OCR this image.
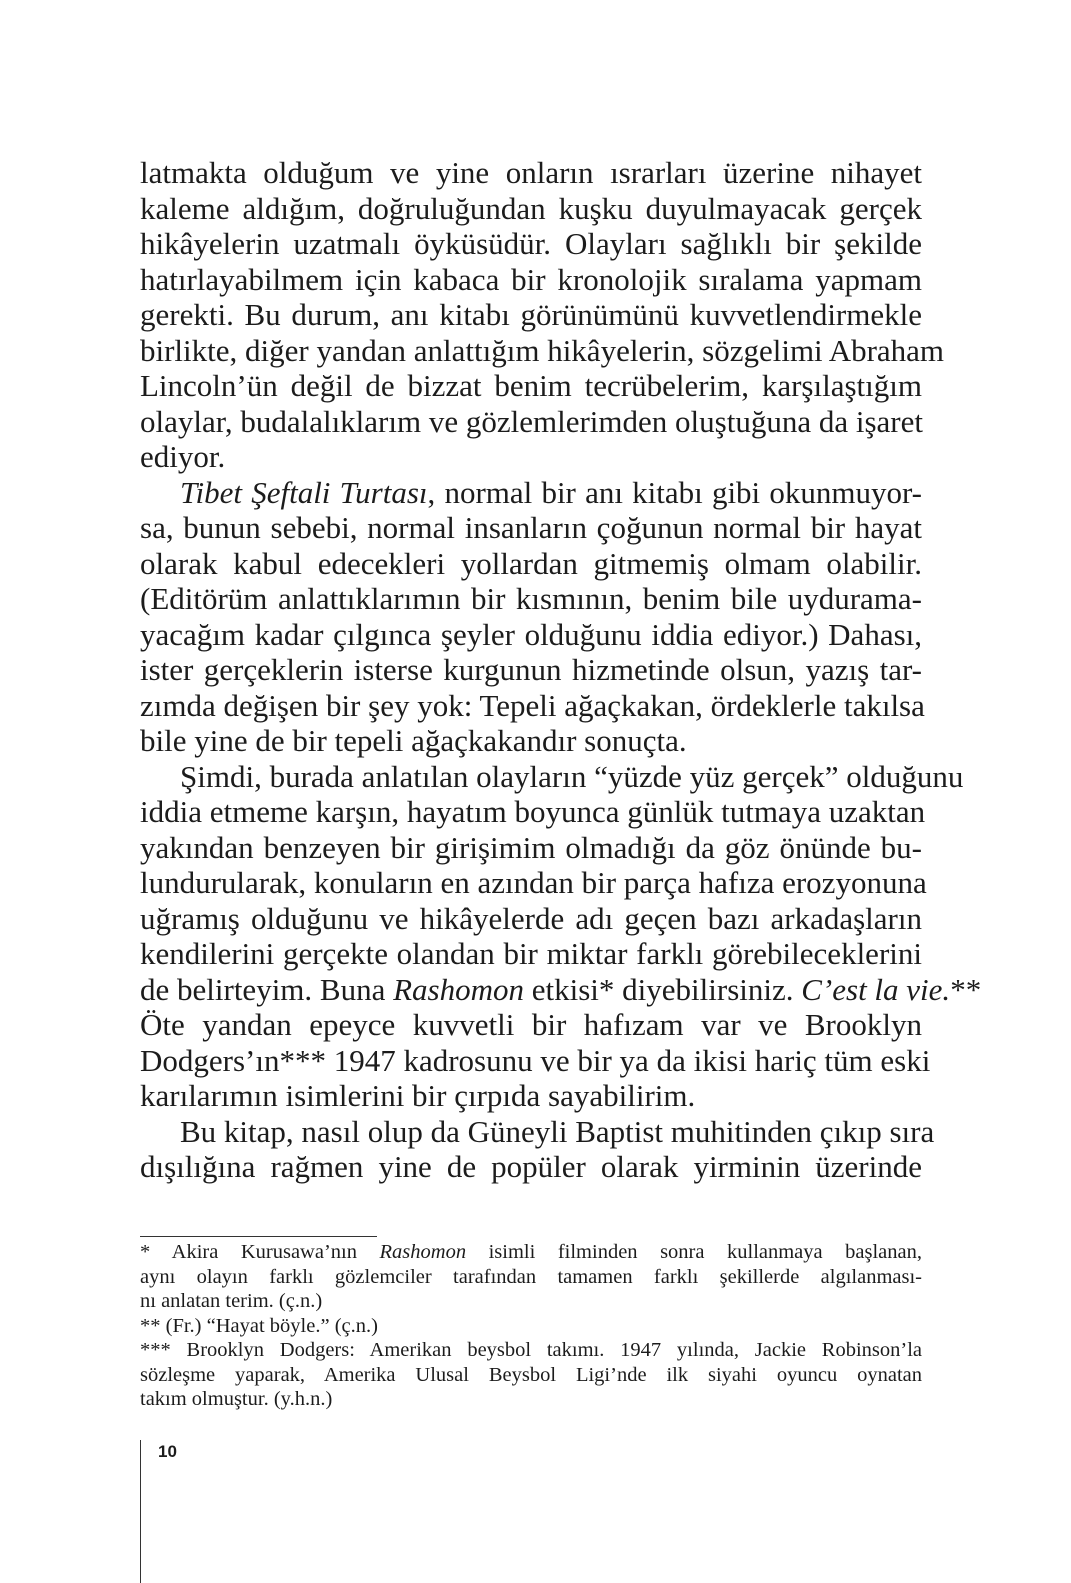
latmakta olduğum ve yine onların ısrarları üzerine nihayet
kaleme aldığım, doğruluğundan kuşku duyulmayacak gerçek
hikâyelerin uzatmalı öyküsüdür. Olayları sağlıklı bir şekilde
hatırlayabilmem için kabaca bir kronolojik sıralama yapmam
gerekti. Bu durum, anı kitabı görünümünü kuvvetlendirmekle
birlikte, diğer yandan anlattığım hikâyelerin, sözgelimi Abraham
Lincoln’ün değil de bizzat benim tecrübelerim, karşılaştığım
olaylar, budalalıklarım ve gözlemlerimden oluştuğuna da işaret
ediyor.
Tibet Şeftali Turtası, normal bir anı kitabı gibi okunmuyor-
sa, bunun sebebi, normal insanların çoğunun normal bir hayat
olarak kabul edecekleri yollardan gitmemiş olmam olabilir.
(Editörüm anlattıklarımın bir kısmının, benim bile uydurama-
yacağım kadar çılgınca şeyler olduğunu iddia ediyor.) Dahası,
ister gerçeklerin isterse kurgunun hizmetinde olsun, yazış tar-
zımda değişen bir şey yok: Tepeli ağaçkakan, ördeklerle takılsa
bile yine de bir tepeli ağaçkakandır sonuçta.
Şimdi, burada anlatılan olayların “yüzde yüz gerçek” olduğunu
iddia etmeme karşın, hayatım boyunca günlük tutmaya uzaktan
yakından benzeyen bir girişimim olmadığı da göz önünde bu-
lundurularak, konuların en azından bir parça hafıza erozyonuna
uğramış olduğunu ve hikâyelerde adı geçen bazı arkadaşların
kendilerini gerçekte olandan bir miktar farklı görebileceklerini
de belirteyim. Buna Rashomon etkisi* diyebilirsiniz. C’est la vie.**
Öte yandan epeyce kuvvetli bir hafızam var ve Brooklyn
Dodgers’ın*** 1947 kadrosunu ve bir ya da ikisi hariç tüm eski
karılarımın isimlerini bir çırpıda sayabilirim.
Bu kitap, nasıl olup da Güneyli Baptist muhitinden çıkıp sıra
dışılığına rağmen yine de popüler olarak yirminin üzerinde
* Akira Kurusawa’nın Rashomon isimli filminden sonra kullanmaya başlanan,
aynı olayın farklı gözlemciler tarafından tamamen farklı şekillerde algılanması-
nı anlatan terim. (ç.n.)
** (Fr.) “Hayat böyle.” (ç.n.)
*** Brooklyn Dodgers: Amerikan beysbol takımı. 1947 yılında, Jackie Robinson’la
sözleşme yaparak, Amerika Ulusal Beysbol Ligi’nde ilk siyahi oyuncu oynatan
takım olmuştur. (y.h.n.)
10
